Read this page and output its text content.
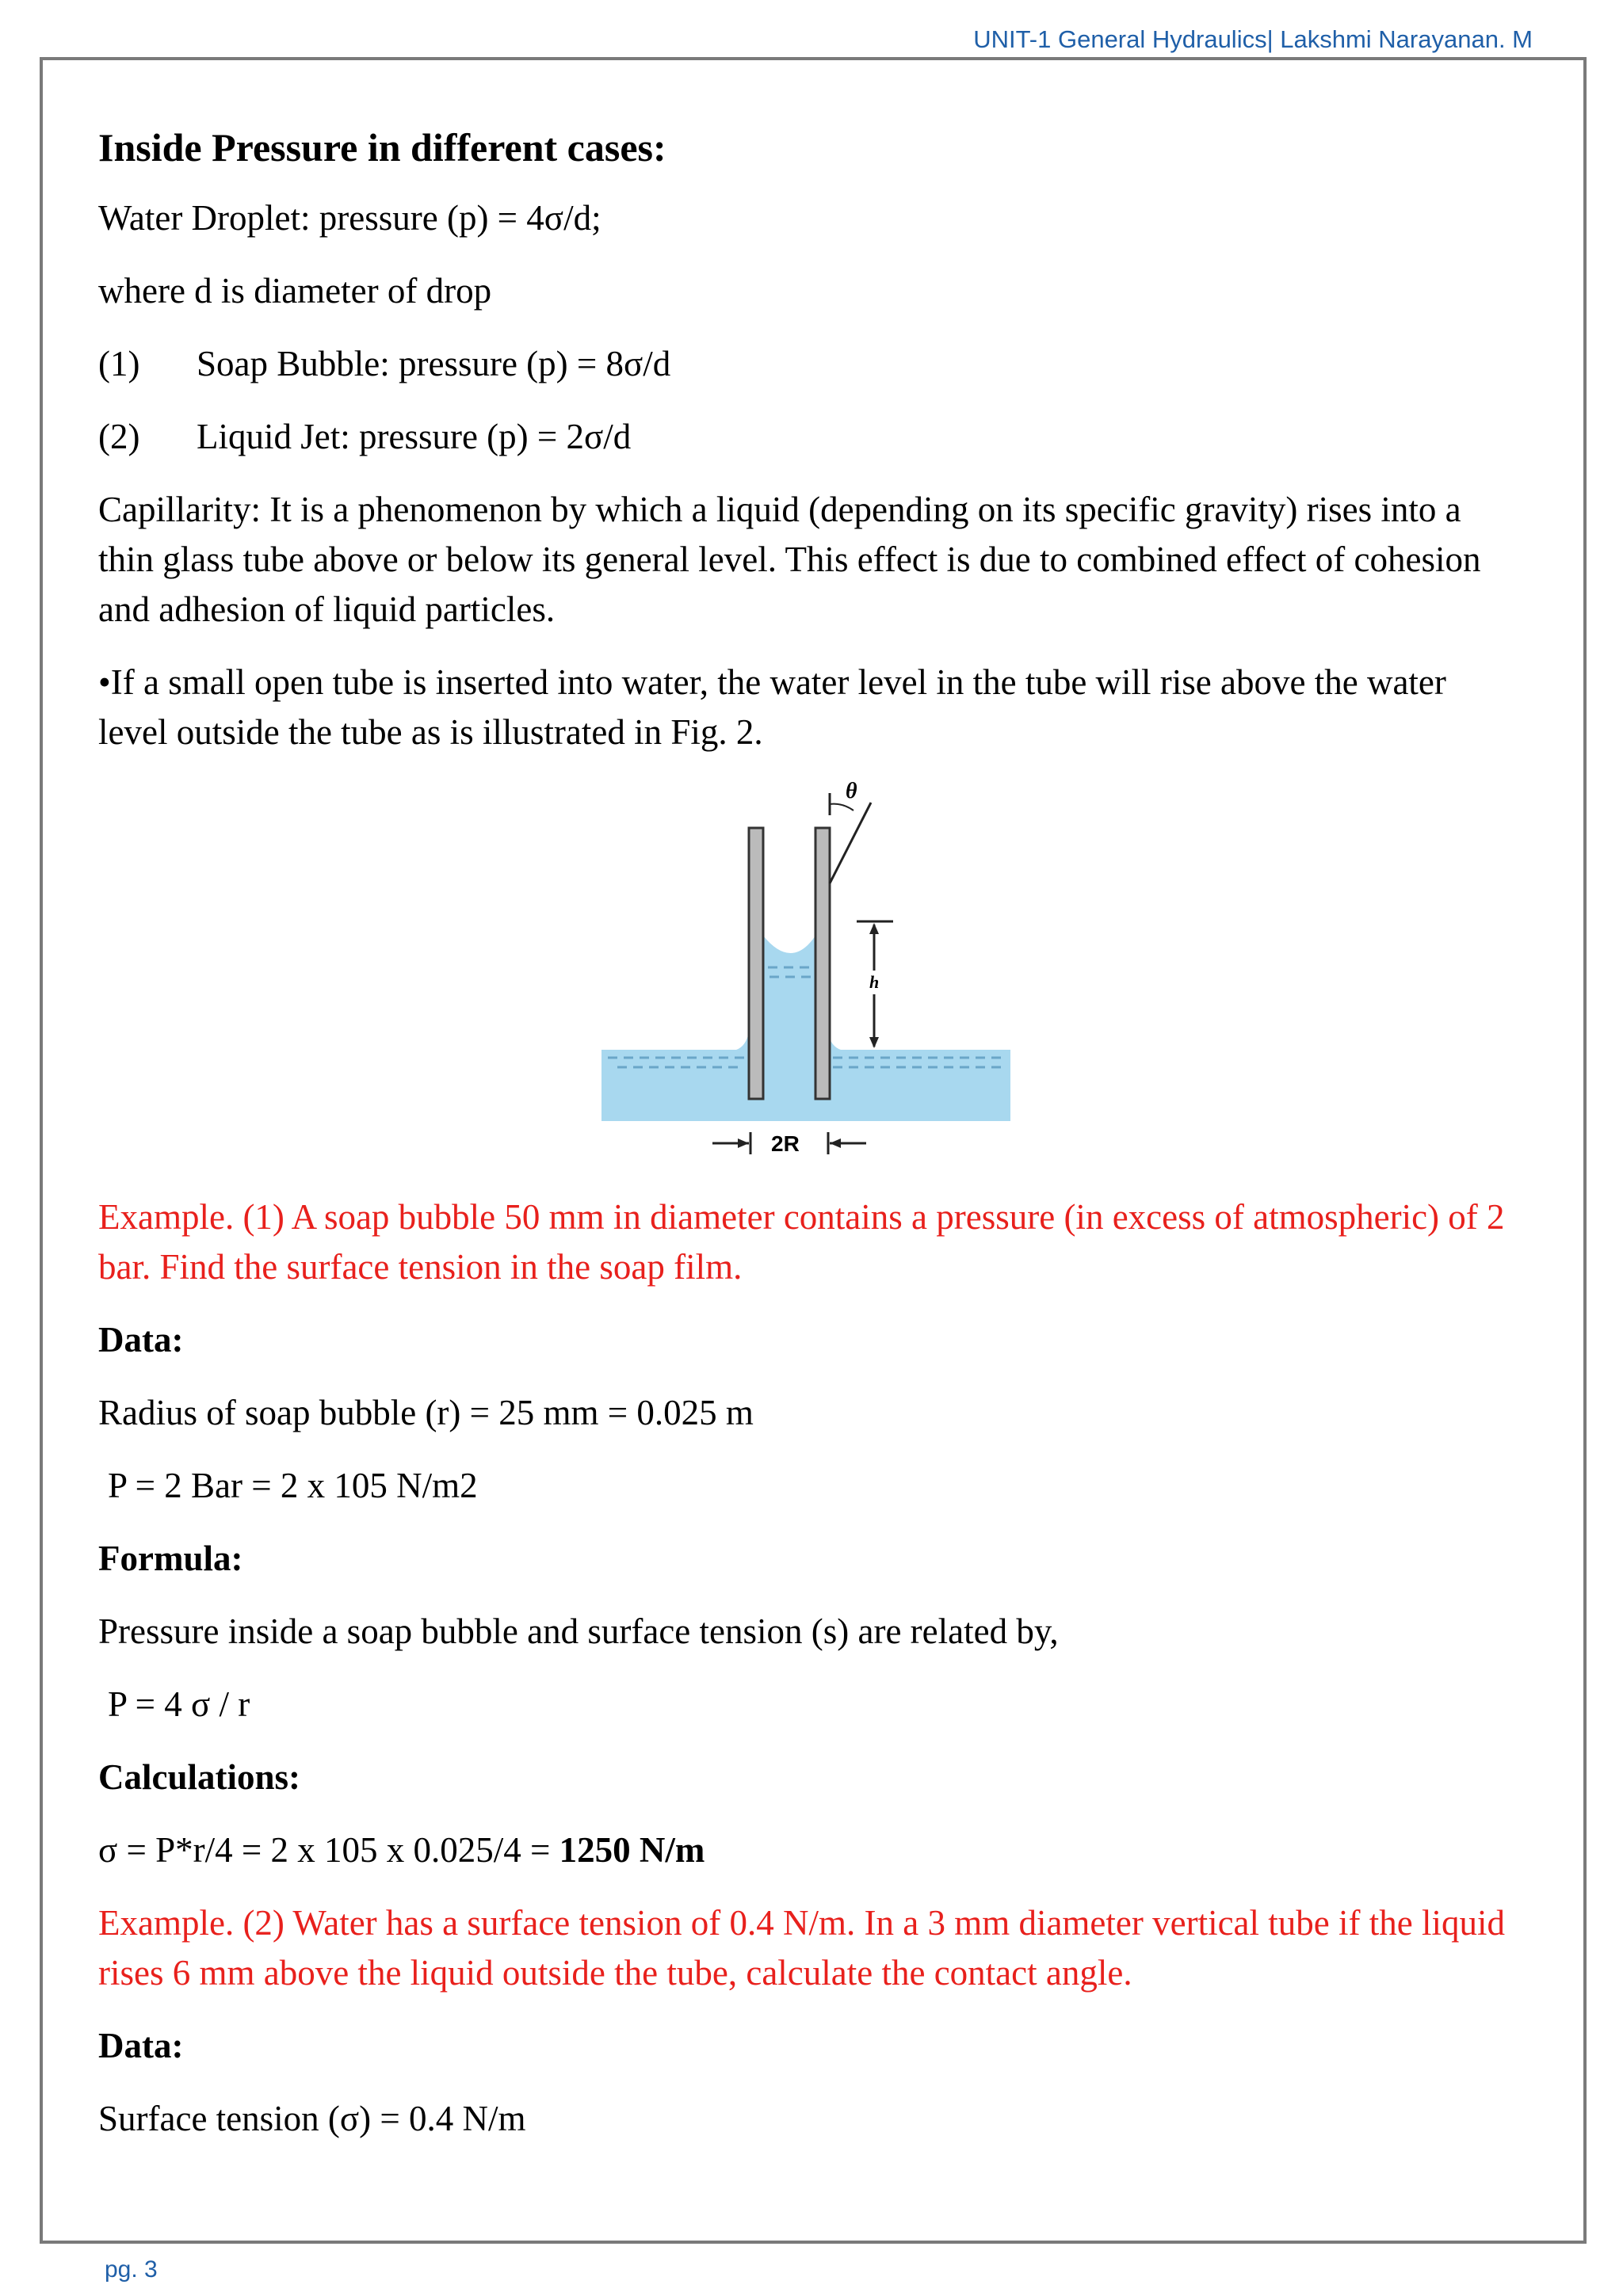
UNIT-1 General Hydraulics| Lakshmi Narayanan. M

Inside Pressure in different cases:

Water Droplet: pressure (p) = 4σ/d;

where d is diameter of drop

(1) Soap Bubble: pressure (p) = 8σ/d

(2) Liquid Jet: pressure (p) = 2σ/d

Capillarity: It is a phenomenon by which a liquid (depending on its specific gravity) rises into a thin glass tube above or below its general level. This effect is due to combined effect of cohesion and adhesion of liquid particles.

•If a small open tube is inserted into water, the water level in the tube will rise above the water level outside the tube as is illustrated in Fig. 2.

θ
h
2R

Example. (1) A soap bubble 50 mm in diameter contains a pressure (in excess of atmospheric) of 2 bar. Find the surface tension in the soap film.

Data:

Radius of soap bubble (r) = 25 mm = 0.025 m

P = 2 Bar = 2 x 105 N/m2

Formula:

Pressure inside a soap bubble and surface tension (s) are related by,

P = 4 σ / r

Calculations:

σ = P*r/4 = 2 x 105 x 0.025/4 = 1250 N/m

Example. (2) Water has a surface tension of 0.4 N/m. In a 3 mm diameter vertical tube if the liquid rises 6 mm above the liquid outside the tube, calculate the contact angle.

Data:

Surface tension (σ) = 0.4 N/m

pg. 3
